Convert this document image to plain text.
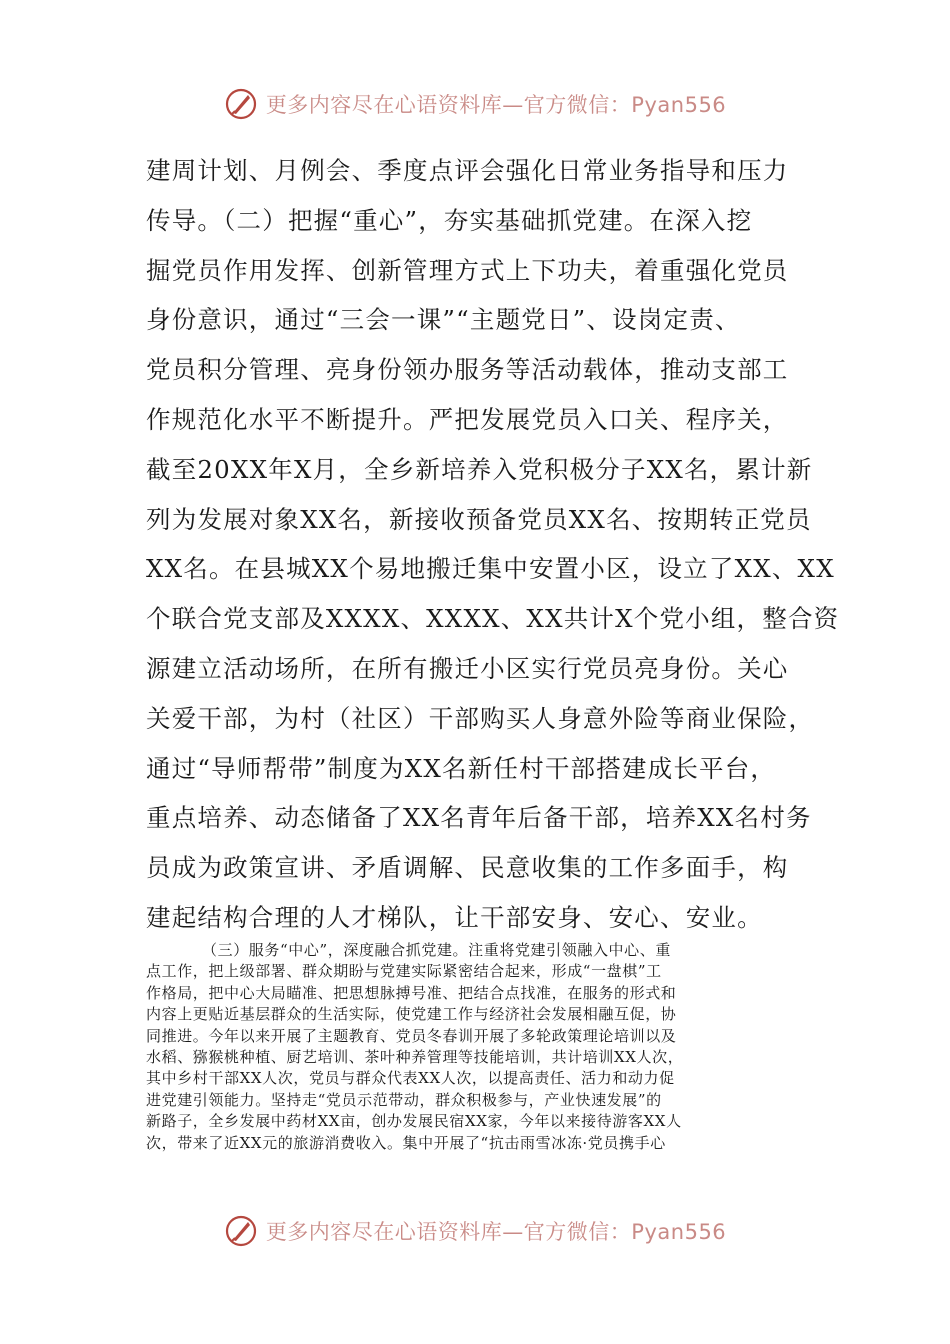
更多内容尽在心语资料库—官方微信：Pyan556
建周计划、月例会、季度点评会强化日常业务指导和压力
传导。（二）把握“重心”，夯实基础抓党建。在深入挖
掘党员作用发挥、创新管理方式上下功夫，着重强化党员
身份意识，通过“三会一课”“主题党日”、设岗定责、
党员积分管理、亮身份领办服务等活动载体，推动支部工
作规范化水平不断提升。严把发展党员入口关、程序关，
截至20XX年X月，全乡新培养入党积极分子XX名，累计新
列为发展对象XX名，新接收预备党员XX名、按期转正党员
XX名。在县城XX个易地搬迁集中安置小区，设立了XX、XX
个联合党支部及XXXX、XXXX、XX共计X个党小组，整合资
源建立活动场所，在所有搬迁小区实行党员亮身份。关心
关爱干部，为村（社区）干部购买人身意外险等商业保险，
通过“导师帮带”制度为XX名新任村干部搭建成长平台，
重点培养、动态储备了XX名青年后备干部，培养XX名村务
员成为政策宣讲、矛盾调解、民意收集的工作多面手，构
建起结构合理的人才梯队，让干部安身、安心、安业。
（三）服务“中心”，深度融合抓党建。注重将党建引领融入中心、重
点工作，把上级部署、群众期盼与党建实际紧密结合起来，形成“一盘棋”工
作格局，把中心大局瞄准、把思想脉搏号准、把结合点找准，在服务的形式和
内容上更贴近基层群众的生活实际，使党建工作与经济社会发展相融互促，协
同推进。今年以来开展了主题教育、党员冬春训开展了多轮政策理论培训以及
水稻、猕猴桃种植、厨艺培训、茶叶种养管理等技能培训，共计培训XX人次，
其中乡村干部XX人次，党员与群众代表XX人次，以提高责任、活力和动力促
进党建引领能力。坚持走“党员示范带动，群众积极参与，产业快速发展”的
新路子，全乡发展中药材XX亩，创办发展民宿XX家，今年以来接待游客XX人
次，带来了近XX元的旅游消费收入。集中开展了“抗击雨雪冰冻·党员携手心
更多内容尽在心语资料库—官方微信：Pyan556
